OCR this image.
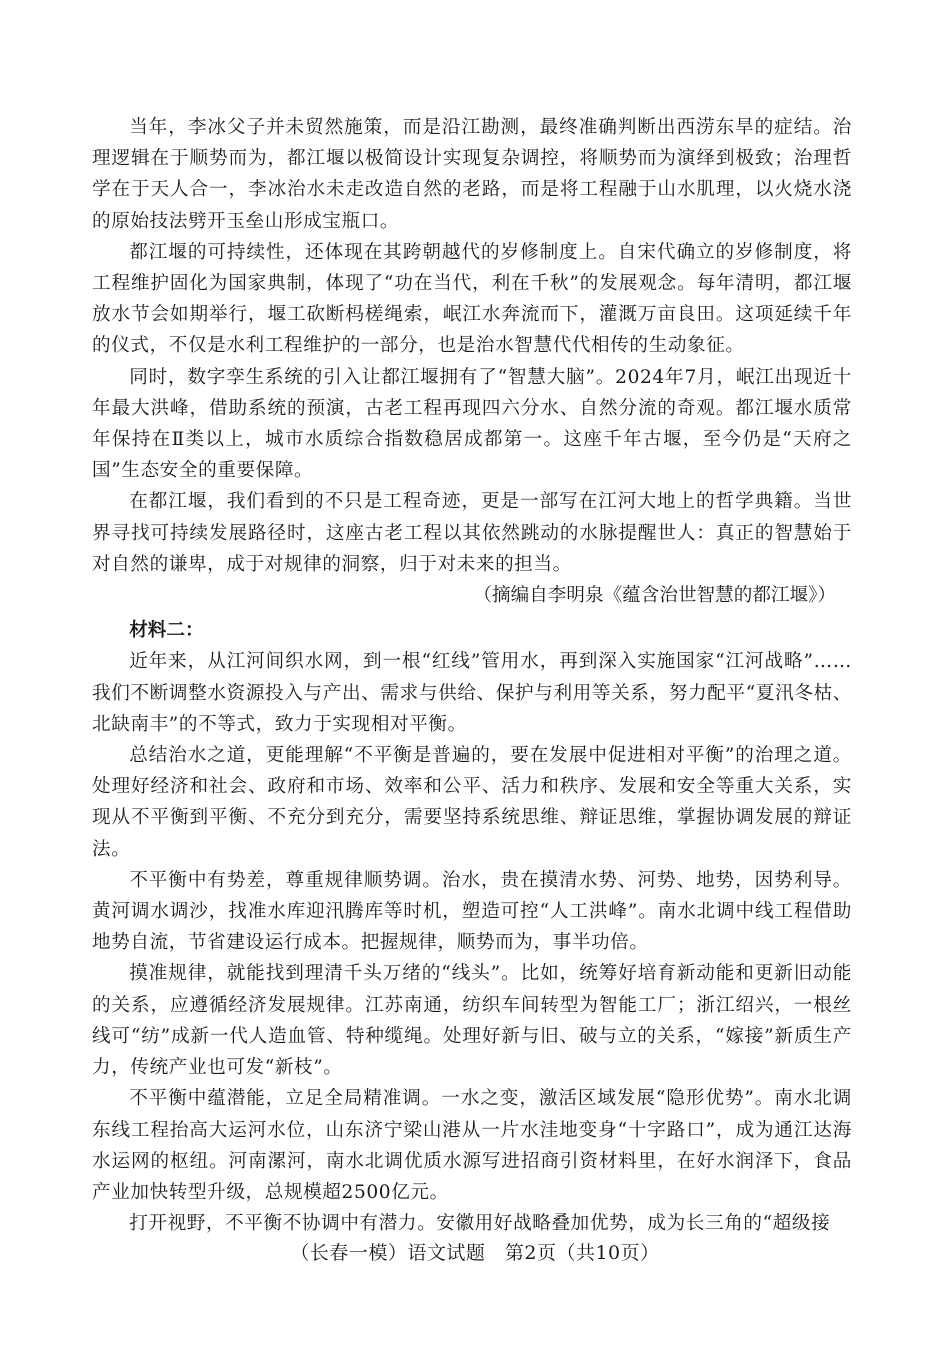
当年，李冰父子并未贸然施策，而是沿江勘测，最终准确判断出西涝东旱的症结。治理逻辑在于顺势而为，都江堰以极简设计实现复杂调控，将顺势而为演绎到极致；治理哲学在于天人合一，李冰治水未走改造自然的老路，而是将工程融于山水肌理，以火烧水浇的原始技法劈开玉垒山形成宝瓶口。

都江堰的可持续性，还体现在其跨朝越代的岁修制度上。自宋代确立的岁修制度，将工程维护固化为国家典制，体现了“功在当代，利在千秋”的发展观念。每年清明，都江堰放水节会如期举行，堰工砍断杩槎绳索，岷江水奔流而下，灌溉万亩良田。这项延续千年的仪式，不仅是水利工程维护的一部分，也是治水智慧代代相传的生动象征。

同时，数字孪生系统的引入让都江堰拥有了“智慧大脑”。2024年7月，岷江出现近十年最大洪峰，借助系统的预演，古老工程再现四六分水、自然分流的奇观。都江堰水质常年保持在Ⅱ类以上，城市水质综合指数稳居成都第一。这座千年古堰，至今仍是“天府之国”生态安全的重要保障。

在都江堰，我们看到的不只是工程奇迹，更是一部写在江河大地上的哲学典籍。当世界寻找可持续发展路径时，这座古老工程以其依然跳动的水脉提醒世人：真正的智慧始于对自然的谦卑，成于对规律的洞察，归于对未来的担当。

（摘编自李明泉《蕴含治世智慧的都江堰》）

材料二：

近年来，从江河间织水网，到一根“红线”管用水，再到深入实施国家“江河战略”……我们不断调整水资源投入与产出、需求与供给、保护与利用等关系，努力配平“夏汛冬枯、北缺南丰”的不等式，致力于实现相对平衡。

总结治水之道，更能理解“不平衡是普遍的，要在发展中促进相对平衡”的治理之道。处理好经济和社会、政府和市场、效率和公平、活力和秩序、发展和安全等重大关系，实现从不平衡到平衡、不充分到充分，需要坚持系统思维、辩证思维，掌握协调发展的辩证法。

不平衡中有势差，尊重规律顺势调。治水，贵在摸清水势、河势、地势，因势利导。黄河调水调沙，找准水库迎汛腾库等时机，塑造可控“人工洪峰”。南水北调中线工程借助地势自流，节省建设运行成本。把握规律，顺势而为，事半功倍。

摸准规律，就能找到理清千头万绪的“线头”。比如，统筹好培育新动能和更新旧动能的关系，应遵循经济发展规律。江苏南通，纺织车间转型为智能工厂；浙江绍兴，一根丝线可“纺”成新一代人造血管、特种缆绳。处理好新与旧、破与立的关系，“嫁接”新质生产力，传统产业也可发“新枝”。

不平衡中蕴潜能，立足全局精准调。一水之变，激活区域发展“隐形优势”。南水北调东线工程抬高大运河水位，山东济宁梁山港从一片水洼地变身“十字路口”，成为通江达海水运网的枢纽。河南漯河，南水北调优质水源写进招商引资材料里，在好水润泽下，食品产业加快转型升级，总规模超2500亿元。

打开视野，不平衡不协调中有潜力。安徽用好战略叠加优势，成为长三角的“超级接

（长春一模）语文试题　第2页（共10页）
